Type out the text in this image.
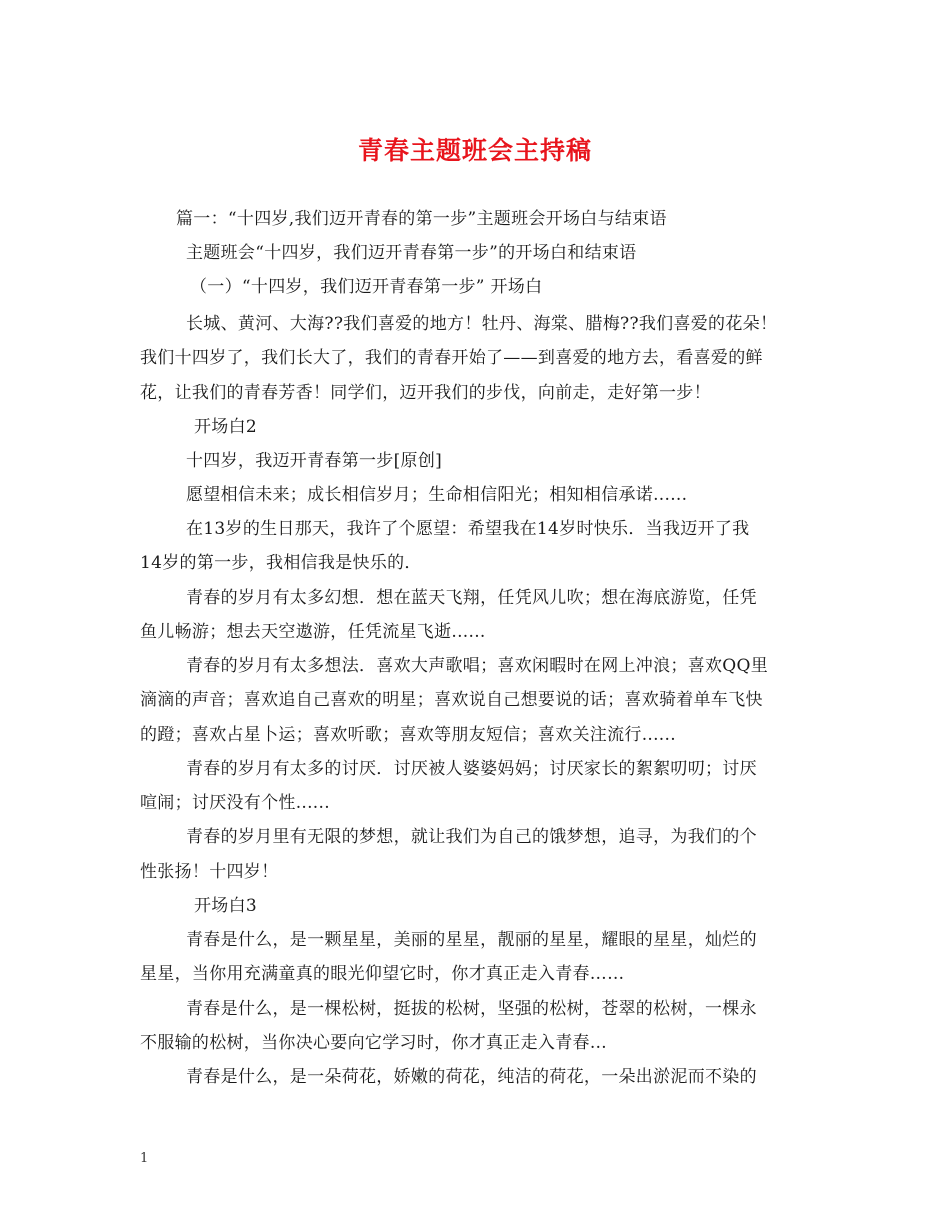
青春主题班会主持稿
篇一：“十四岁,我们迈开青春的第一步”主题班会开场白与结束语
主题班会“十四岁，我们迈开青春第一步”的开场白和结束语
（一）“十四岁，我们迈开青春第一步” 开场白
长城、黄河、大海??我们喜爱的地方！牡丹、海棠、腊梅??我们喜爱的花朵！
我们十四岁了，我们长大了，我们的青春开始了——到喜爱的地方去，看喜爱的鲜
花，让我们的青春芳香！同学们，迈开我们的步伐，向前走，走好第一步！
开场白2
十四岁，我迈开青春第一步[原创]
愿望相信未来；成长相信岁月；生命相信阳光；相知相信承诺......
在13岁的生日那天，我许了个愿望：希望我在14岁时快乐．当我迈开了我
14岁的第一步，我相信我是快乐的．
青春的岁月有太多幻想．想在蓝天飞翔，任凭风儿吹；想在海底游览，任凭
鱼儿畅游；想去天空遨游，任凭流星飞逝......
青春的岁月有太多想法．喜欢大声歌唱；喜欢闲暇时在网上冲浪；喜欢QQ里
滴滴的声音；喜欢追自己喜欢的明星；喜欢说自己想要说的话；喜欢骑着单车飞快
的蹬；喜欢占星卜运；喜欢听歌；喜欢等朋友短信；喜欢关注流行......
青春的岁月有太多的讨厌．讨厌被人婆婆妈妈；讨厌家长的絮絮叨叨；讨厌
喧闹；讨厌没有个性......
青春的岁月里有无限的梦想，就让我们为自己的饿梦想，追寻，为我们的个
性张扬！十四岁！
开场白3
青春是什么，是一颗星星，美丽的星星，靓丽的星星，耀眼的星星，灿烂的
星星，当你用充满童真的眼光仰望它时，你才真正走入青春……
青春是什么，是一棵松树，挺拔的松树，坚强的松树，苍翠的松树，一棵永
不服输的松树，当你决心要向它学习时，你才真正走入青春…
青春是什么，是一朵荷花，娇嫩的荷花，纯洁的荷花，一朵出淤泥而不染的
1
